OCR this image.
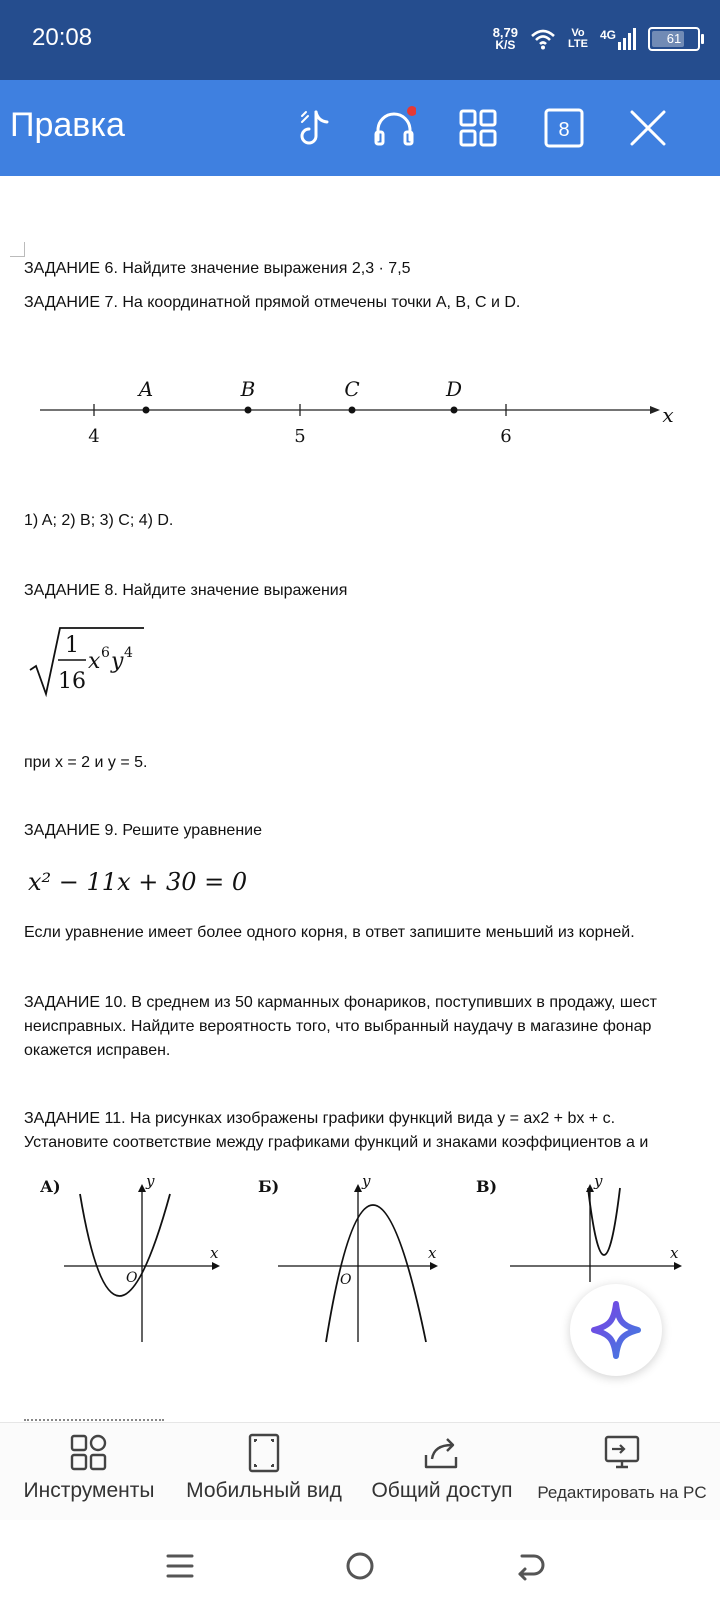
20:08	8,79
K/S
Vo
LTE
4G	61
Правка	8
ЗАДАНИЕ 6. Найдите значение выражения 2,3 · 7,5
ЗАДАНИЕ 7. На координатной прямой отмечены точки A, B, C и D.
A	B	C	D
x
4	5	6
1) A; 2) B; 3) C; 4) D.
ЗАДАНИЕ 8. Найдите значение выражения
1
16
x 6 y 4
при x = 2 и y = 5.
ЗАДАНИЕ 9. Решите уравнение
x² − 11x + 30 = 0
Если уравнение имеет более одного корня, в ответ запишите меньший из корней.
ЗАДАНИЕ 10. В среднем из 50 карманных фонариков, поступивших в продажу, шест
неисправных. Найдите вероятность того, что выбранный наудачу в магазине фонар
окажется исправен.
ЗАДАНИЕ 11. На рисунках изображены графики функций вида y = ax2 + bx + c.
Установите соответствие между графиками функций и знаками коэффициентов a и
А)	y
x
O
Б)	y
x
O
В)	y
x
Инструменты	Мобильный вид	Общий доступ	Редактировать на PC
